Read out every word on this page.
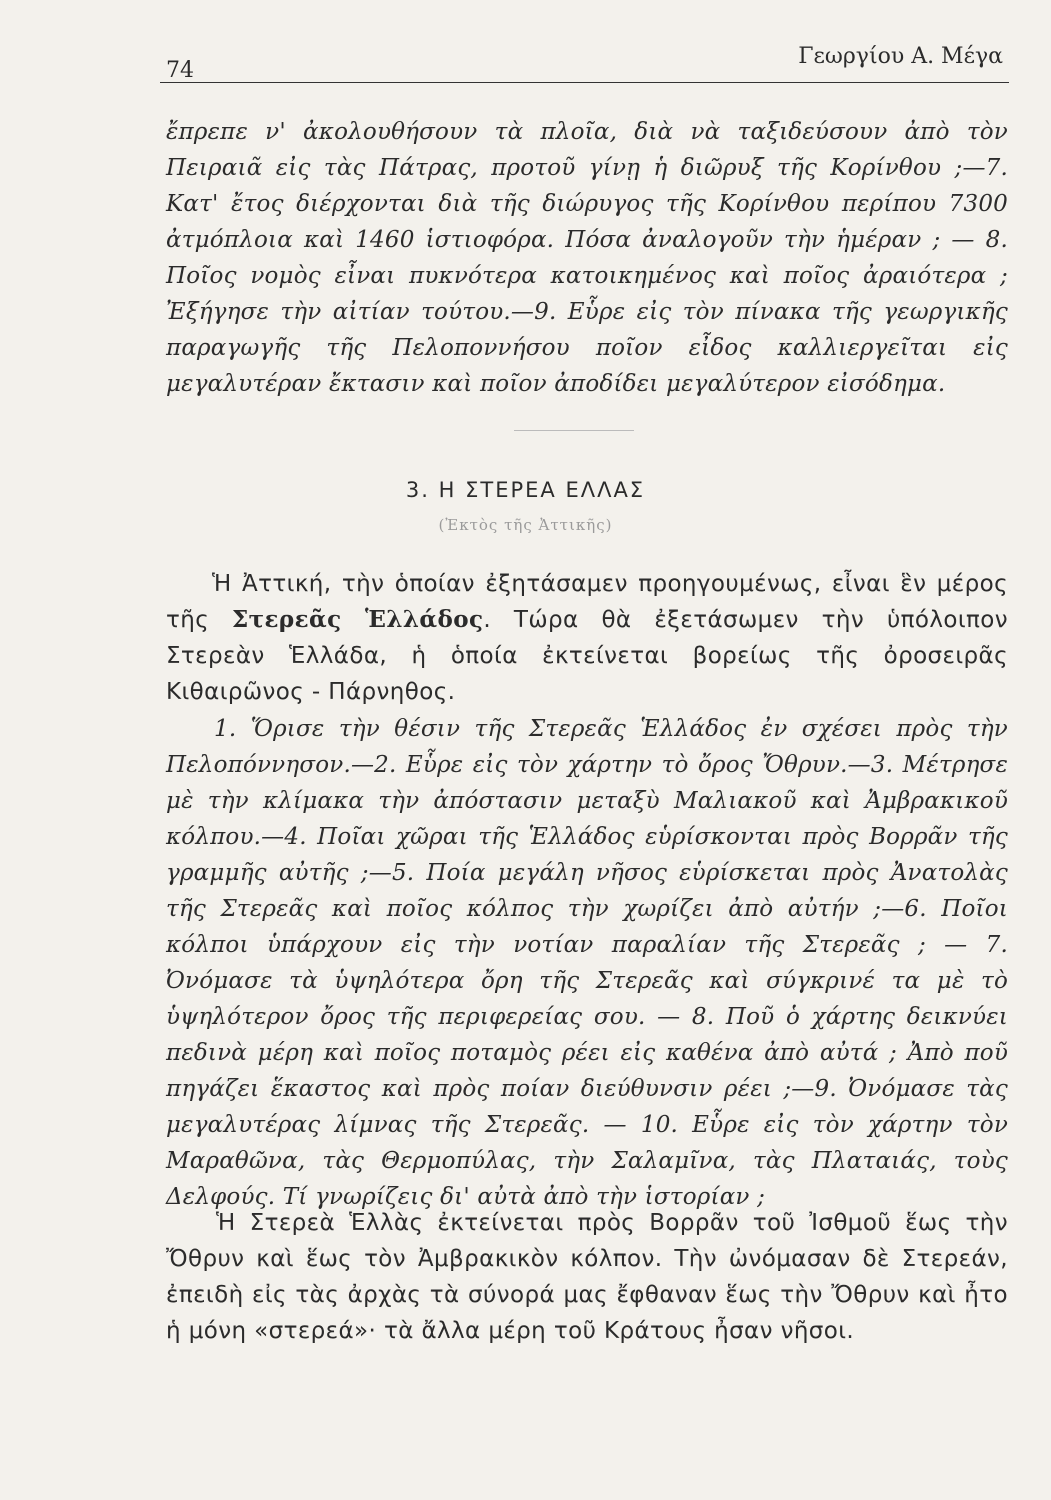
74
Γεωργίου Α. Μέγα
ἔπρεπε ν' ἀκολουθήσουν τὰ πλοῖα, διὰ νὰ ταξιδεύσουν ἀπὸ τὸν Πειραιᾶ εἰς τὰς Πάτρας, προτοῦ γίνῃ ἡ διῶρυξ τῆς Κορίνθου ;—7. Κατ' ἔτος διέρχονται διὰ τῆς διώρυγος τῆς Κορίνθου περίπου 7300 ἀτμόπλοια καὶ 1460 ἱστιοφόρα. Πόσα ἀναλογοῦν τὴν ἡμέραν ; — 8. Ποῖος νομὸς εἶναι πυκνότερα κατοικημένος καὶ ποῖος ἀραιότερα ; Ἐξήγησε τὴν αἰτίαν τούτου.—9. Εὗρε εἰς τὸν πίνακα τῆς γεωργικῆς παραγωγῆς τῆς Πελοποννήσου ποῖον εἶδος καλλιεργεῖται εἰς μεγαλυτέραν ἔκτασιν καὶ ποῖον ἀποδίδει μεγαλύτερον εἰσόδημα.
3. Η ΣΤΕΡΕΑ ΕΛΛΑΣ
(Ἐκτὸς τῆς Ἀττικῆς)
Ἡ Ἀττική, τὴν ὁποίαν ἐξητάσαμεν προηγουμένως, εἶναι ἓν μέρος τῆς Στερεᾶς Ἑλλάδος. Τώρα θὰ ἐξετάσωμεν τὴν ὑπόλοιπον Στερεὰν Ἑλλάδα, ἡ ὁποία ἐκτείνεται βορείως τῆς ὀροσειρᾶς Κιθαιρῶνος - Πάρνηθος.
1. Ὅρισε τὴν θέσιν τῆς Στερεᾶς Ἑλλάδος ἐν σχέσει πρὸς τὴν Πελοπόννησον.—2. Εὗρε εἰς τὸν χάρτην τὸ ὄρος Ὄθρυν.—3. Μέτρησε μὲ τὴν κλίμακα τὴν ἀπόστασιν μεταξὺ Μαλιακοῦ καὶ Ἀμβρακικοῦ κόλπου.—4. Ποῖαι χῶραι τῆς Ἑλλάδος εὑρίσκονται πρὸς Βορρᾶν τῆς γραμμῆς αὐτῆς ;—5. Ποία μεγάλη νῆσος εὑρίσκεται πρὸς Ἀνατολὰς τῆς Στερεᾶς καὶ ποῖος κόλπος τὴν χωρίζει ἀπὸ αὐτήν ;—6. Ποῖοι κόλποι ὑπάρχουν εἰς τὴν νοτίαν παραλίαν τῆς Στερεᾶς ; — 7. Ὀνόμασε τὰ ὑψηλότερα ὄρη τῆς Στερεᾶς καὶ σύγκρινέ τα μὲ τὸ ὑψηλότερον ὄρος τῆς περιφερείας σου. — 8. Ποῦ ὁ χάρτης δεικνύει πεδινὰ μέρη καὶ ποῖος ποταμὸς ρέει εἰς καθένα ἀπὸ αὐτά ; Ἀπὸ ποῦ πηγάζει ἕκαστος καὶ πρὸς ποίαν διεύθυνσιν ρέει ;—9. Ὀνόμασε τὰς μεγαλυτέρας λίμνας τῆς Στερεᾶς. — 10. Εὗρε εἰς τὸν χάρτην τὸν Μαραθῶνα, τὰς Θερμοπύλας, τὴν Σαλαμῖνα, τὰς Πλαταιάς, τοὺς Δελφούς. Τί γνωρίζεις δι' αὐτὰ ἀπὸ τὴν ἱστορίαν ;
Ἡ Στερεὰ Ἑλλὰς ἐκτείνεται πρὸς Βορρᾶν τοῦ Ἰσθμοῦ ἕως τὴν Ὄθρυν καὶ ἕως τὸν Ἀμβρακικὸν κόλπον. Τὴν ὠνόμασαν δὲ Στερεάν, ἐπειδὴ εἰς τὰς ἀρχὰς τὰ σύνορά μας ἔφθαναν ἕως τὴν Ὄθρυν καὶ ἦτο ἡ μόνη «στερεά»· τὰ ἄλλα μέρη τοῦ Κράτους ἦσαν νῆσοι.
